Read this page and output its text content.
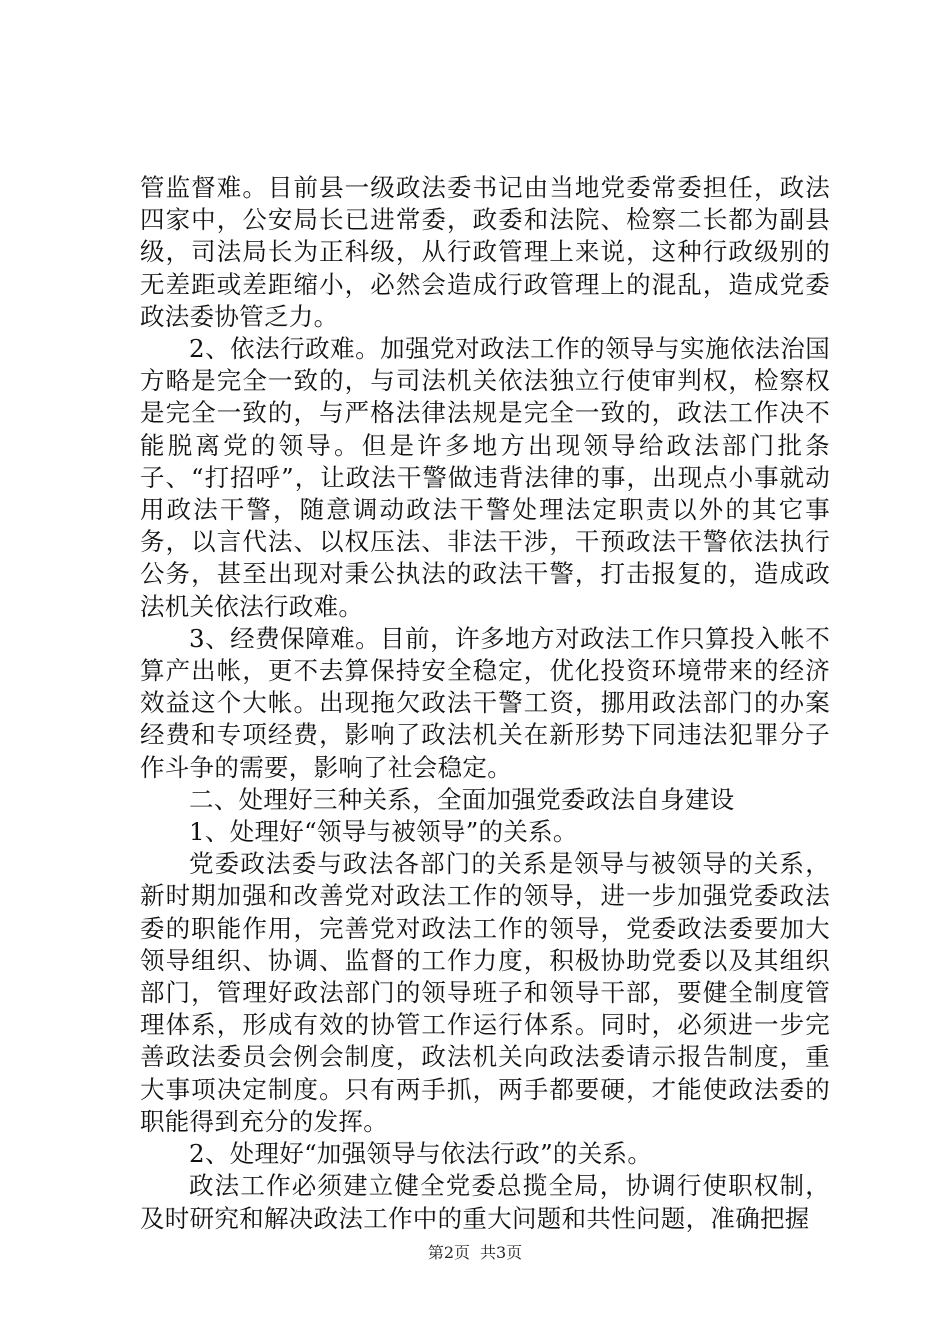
管监督难。目前县一级政法委书记由当地党委常委担任，政法四家中，公安局长已进常委，政委和法院、检察二长都为副县级，司法局长为正科级，从行政管理上来说，这种行政级别的无差距或差距缩小，必然会造成行政管理上的混乱，造成党委政法委协管乏力。

2、依法行政难。加强党对政法工作的领导与实施依法治国方略是完全一致的，与司法机关依法独立行使审判权，检察权是完全一致的，与严格法律法规是完全一致的，政法工作决不能脱离党的领导。但是许多地方出现领导给政法部门批条子、“打招呼”，让政法干警做违背法律的事，出现点小事就动用政法干警，随意调动政法干警处理法定职责以外的其它事务，以言代法、以权压法、非法干涉，干预政法干警依法执行公务，甚至出现对秉公执法的政法干警，打击报复的，造成政法机关依法行政难。

3、经费保障难。目前，许多地方对政法工作只算投入帐不算产出帐，更不去算保持安全稳定，优化投资环境带来的经济效益这个大帐。出现拖欠政法干警工资，挪用政法部门的办案经费和专项经费，影响了政法机关在新形势下同违法犯罪分子作斗争的需要，影响了社会稳定。

二、处理好三种关系，全面加强党委政法自身建设

1、处理好“领导与被领导”的关系。

党委政法委与政法各部门的关系是领导与被领导的关系，新时期加强和改善党对政法工作的领导，进一步加强党委政法委的职能作用，完善党对政法工作的领导，党委政法委要加大领导组织、协调、监督的工作力度，积极协助党委以及其组织部门，管理好政法部门的领导班子和领导干部，要健全制度管理体系，形成有效的协管工作运行体系。同时，必须进一步完善政法委员会例会制度，政法机关向政法委请示报告制度，重大事项决定制度。只有两手抓，两手都要硬，才能使政法委的职能得到充分的发挥。

2、处理好“加强领导与依法行政”的关系。

政法工作必须建立健全党委总揽全局，协调行使职权制，及时研究和解决政法工作中的重大问题和共性问题，准确把握

第2页 共3页
